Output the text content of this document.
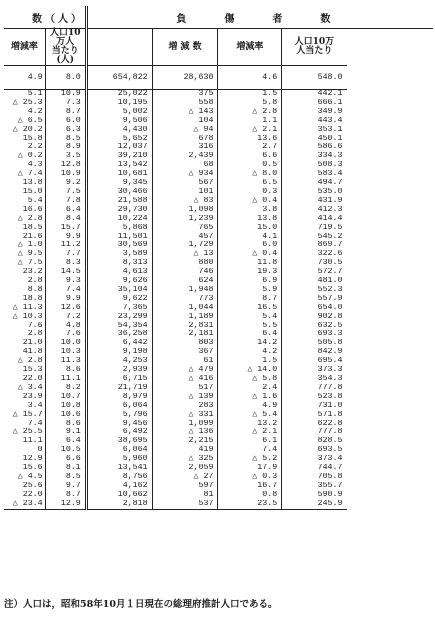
数（人）		負　傷　者　数			
増減率	人口10万人
当たり(人)		増 減 数	増減率	人口10万
人当たり
4.9	8.0	654,822	28,630	4.6	548.0
5.1	10.9	25,022	375	1.5	442.1
△ 25.3	7.3	10,195	558	5.8	666.1
4.2	8.7	5,002	△ 143	△ 2.8	349.9
△ 6.5	6.0	9,506	104	1.1	443.4
△ 20.2	6.3	4,430	△ 94	△ 2.1	353.1
15.8	8.5	5,652	678	13.6	450.1
2.2	8.9	12,037	316	2.7	586.6
△ 0.2	3.5	39,210	2,439	6.6	334.3
4.3	12.8	13,542	68	0.5	508.3
△ 7.4	10.9	10,681	△ 934	△ 8.0	583.4
13.8	9.2	9,345	567	6.5	494.7
15.0	7.5	30,466	101	0.3	535.0
5.4	7.8	21,588	△ 83	△ 0.4	431.9
16.6	6.4	29,730	1,098	3.8	412.3
△ 2.8	8.4	10,224	1,239	13.8	414.4
18.5	15.7	5,868	765	15.0	719.5
21.6	9.9	11,501	457	4.1	545.2
△ 1.0	11.2	30,569	1,729	6.0	869.7
△ 9.5	7.7	3,589	△ 13	△ 0.4	322.6
△ 7.5	8.3	8,313	880	11.8	730.5
23.2	14.5	4,613	746	19.3	572.7
2.8	9.3	9,626	624	6.9	481.0
8.8	7.4	35,104	1,948	5.9	552.3
18.8	9.9	9,622	773	8.7	557.9
△ 11.3	12.6	7,365	1,044	16.5	654.0
△ 10.3	7.2	23,299	1,189	5.4	902.8
7.6	4.8	54,354	2,831	5.5	632.5
2.8	7.6	36,258	2,181	6.4	693.3
21.0	10.0	6,442	803	14.2	505.8
41.8	10.3	9,198	367	4.2	842.9
△ 2.8	11.3	4,253	61	1.5	695.4
15.3	8.6	2,939	△ 479	△ 14.0	373.3
22.0	11.1	6,715	△ 416	△ 5.8	354.3
△ 3.4	8.2	21,719	517	2.4	777.8
23.9	10.7	8,979	△ 139	△ 1.6	523.8
3.4	10.8	6,064	283	4.9	731.0
△ 15.7	10.6	5,796	△ 331	△ 5.4	571.8
7.4	8.6	9,456	1,099	13.2	622.8
△ 25.5	9.1	6,492	△ 136	△ 2.1	777.8
11.1	6.4	38,695	2,215	6.1	828.5
0	10.5	6,064	419	7.4	693.5
12.9	6.6	5,960	△ 325	△ 5.2	373.4
15.6	8.1	13,541	2,059	17.9	744.7
△ 4.5	8.5	8,756	△ 27	△ 0.3	705.8
25.6	9.7	4,162	597	16.7	355.7
22.0	8.7	10,662	81	0.8	590.9
△ 23.4	12.9	2,818	537	23.5	245.9
注）人口は，昭和58年10月１日現在の総理府推計人口である。
